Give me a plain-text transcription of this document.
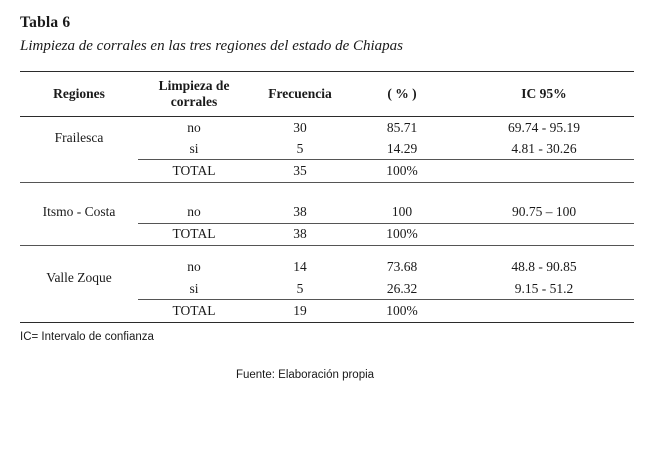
Tabla 6
Limpieza de corrales en las tres regiones del estado de Chiapas
Regiones	Limpieza de corrales	Frecuencia	( % )	IC 95%
Frailesca	no	30	85.71	69.74 - 95.19
	si	5	14.29	4.81 - 30.26
	TOTAL	35	100%	

Itsmo - Costa	no	38	100	90.75 – 100
	TOTAL	38	100%	

Valle Zoque	no	14	73.68	48.8 - 90.85
	si	5	26.32	9.15 - 51.2
	TOTAL	19	100%	
IC= Intervalo de confianza
Fuente: Elaboración propia
